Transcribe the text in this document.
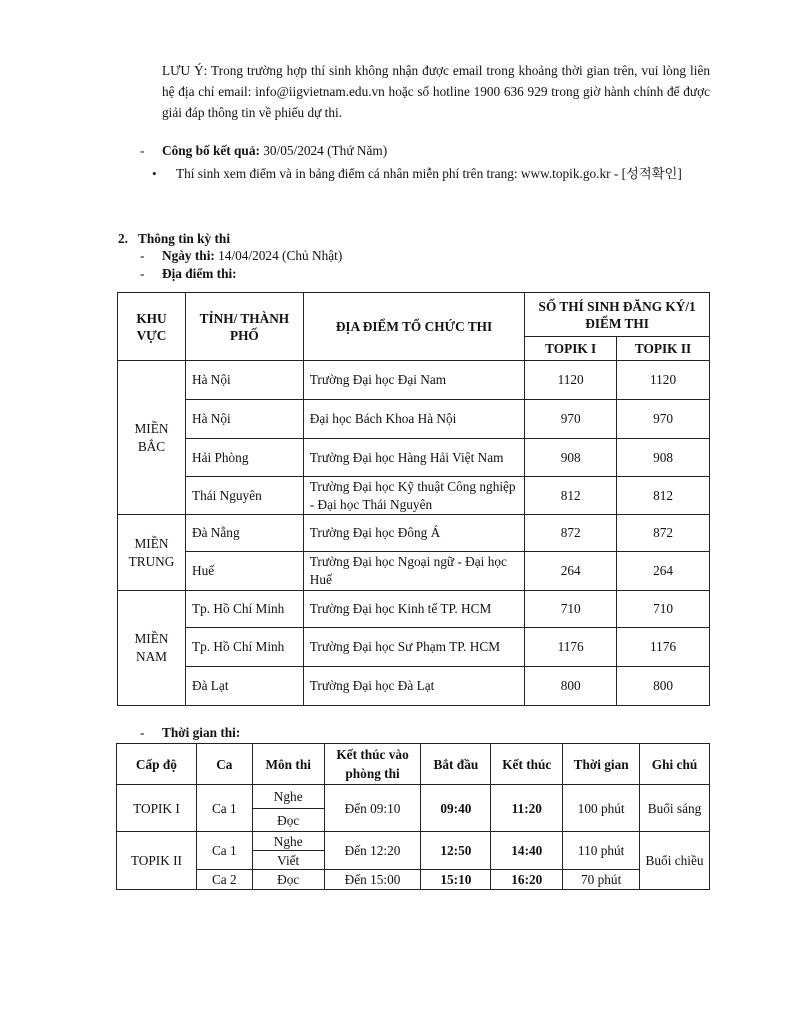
LƯU Ý: Trong trường hợp thí sinh không nhận được email trong khoảng thời gian trên, vui lòng liên hệ địa chỉ email: info@iigvietnam.edu.vn hoặc số hotline 1900 636 929 trong giờ hành chính để được giải đáp thông tin về phiếu dự thi.
- Công bố kết quả: 30/05/2024 (Thứ Năm)
• Thí sinh xem điểm và in bảng điểm cá nhân miễn phí trên trang: www.topik.go.kr - [성적확인]
2. Thông tin kỳ thi
- Ngày thi: 14/04/2024 (Chủ Nhật)
- Địa điểm thi:
KHU VỰC	TỈNH/ THÀNH PHỐ	ĐỊA ĐIỂM TỔ CHỨC THI	SỐ THÍ SINH ĐĂNG KÝ/1 ĐIỂM THI	
			TOPIK I	TOPIK II
MIỀN BẮC	Hà Nội	Trường Đại học Đại Nam	1120	1120
	Hà Nội	Đại học Bách Khoa Hà Nội	970	970
	Hải Phòng	Trường Đại học Hàng Hải Việt Nam	908	908
	Thái Nguyên	Trường Đại học Kỹ thuật Công nghiệp - Đại học Thái Nguyên	812	812
MIỀN TRUNG	Đà Nẵng	Trường Đại học Đông Á	872	872
	Huế	Trường Đại học Ngoại ngữ - Đại học Huế	264	264
MIỀN NAM	Tp. Hồ Chí Minh	Trường Đại học Kinh tế TP. HCM	710	710
	Tp. Hồ Chí Minh	Trường Đại học Sư Phạm TP. HCM	1176	1176
	Đà Lạt	Trường Đại học Đà Lạt	800	800
- Thời gian thi:
Cấp độ	Ca	Môn thi	Kết thúc vào phòng thi	Bắt đầu	Kết thúc	Thời gian	Ghi chú
TOPIK I	Ca 1	Nghe	Đến 09:10	09:40	11:20	100 phút	Buổi sáng
		Đọc					
TOPIK II	Ca 1	Nghe	Đến 12:20	12:50	14:40	110 phút	Buổi chiều
		Viết					
	Ca 2	Đọc	Đến 15:00	15:10	16:20	70 phút	
